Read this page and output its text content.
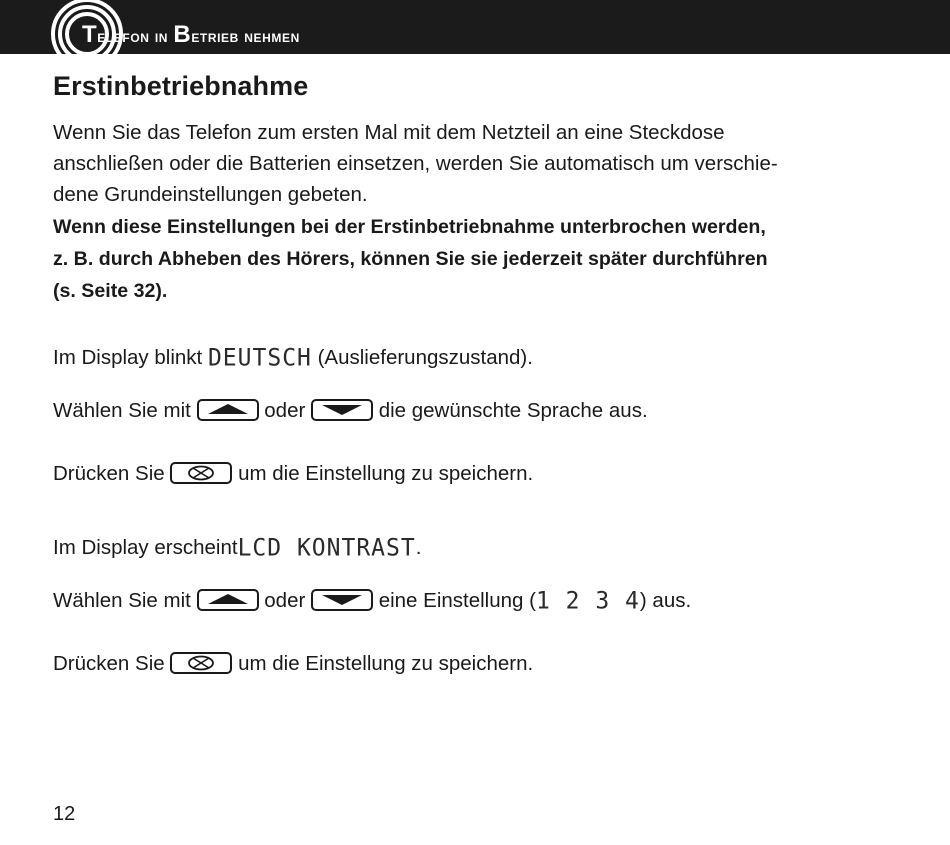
Telefon in Betrieb nehmen
Erstinbetriebnahme
Wenn Sie das Telefon zum ersten Mal mit dem Netzteil an eine Steckdose
anschließen oder die Batterien einsetzen, werden Sie automatisch um verschie-
dene Grundeinstellungen gebeten.
Wenn diese Einstellungen bei der Erstinbetriebnahme unterbrochen werden,
z. B. durch Abheben des Hörers, können Sie sie jederzeit später durchführen
(s. Seite 32).
Im Display blinkt DEUTSCH (Auslieferungszustand).
Wählen Sie mit	oder	die gewünschte Sprache aus.
Drücken Sie	um die Einstellung zu speichern.
Im Display erscheintLCD KONTRAST.
Wählen Sie mit	oder	eine Einstellung (1 2 3 4) aus.
Drücken Sie	um die Einstellung zu speichern.
12
